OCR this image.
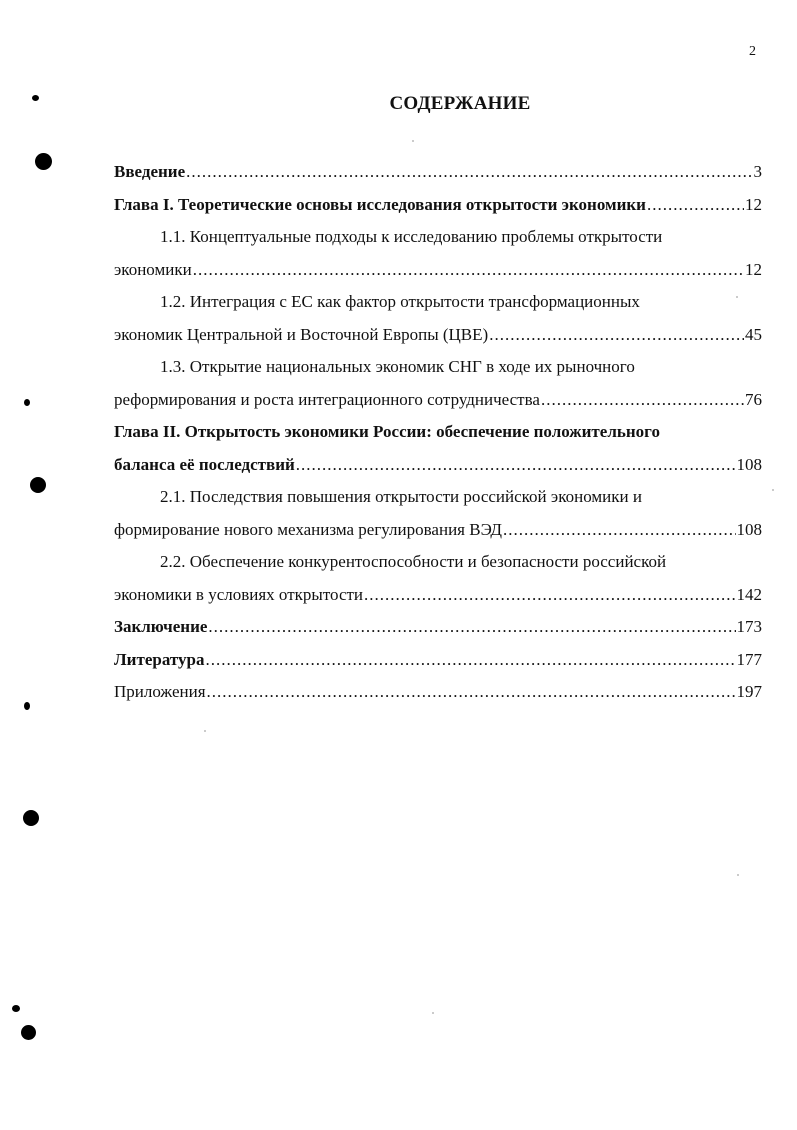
2
СОДЕРЖАНИЕ
Введение .....	3
Глава I. Теоретические основы исследования открытости экономики .....	12
1.1. Концептуальные подходы к исследованию проблемы открытости
экономики .....	12
1.2. Интеграция с ЕС как фактор открытости трансформационных
экономик Центральной и Восточной Европы (ЦВЕ) .....	45
1.3. Открытие национальных экономик СНГ в ходе их рыночного
реформирования и роста интеграционного сотрудничества .....	76
Глава II. Открытость экономики России: обеспечение положительного
баланса её последствий .....	108
2.1. Последствия повышения открытости российской экономики и
формирование нового механизма регулирования ВЭД .....	108
2.2. Обеспечение конкурентоспособности и безопасности российской
экономики в условиях открытости .....	142
Заключение .....	173
Литература .....	177
Приложения .....	197
